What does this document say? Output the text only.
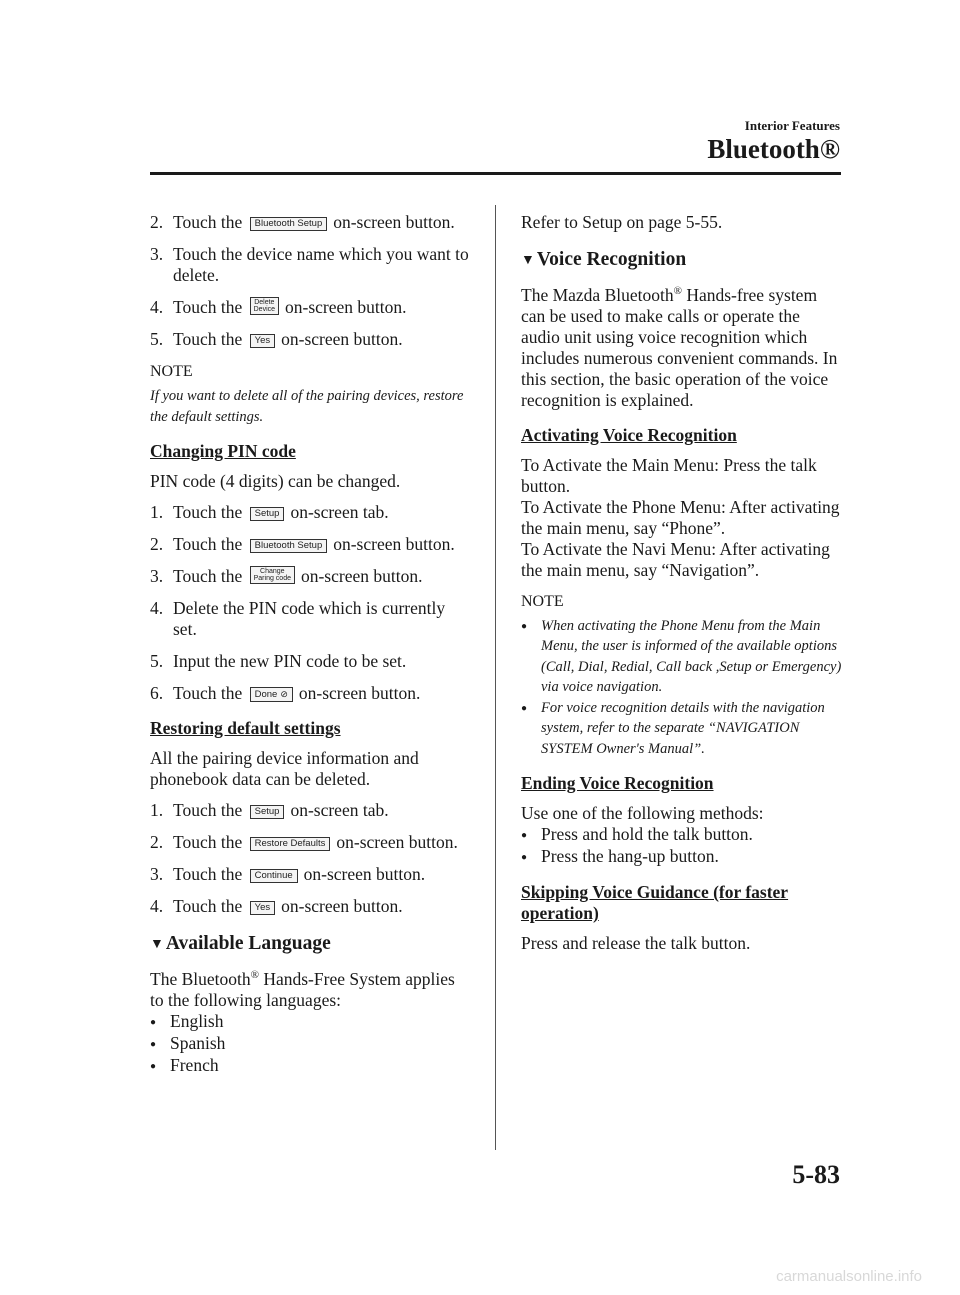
Interior Features
Bluetooth®
2. Touch the Bluetooth Setup on-screen button.
3. Touch the device name which you want to delete.
4. Touch the Delete
Device on-screen button.
5. Touch the Yes on-screen button.
NOTE
If you want to delete all of the pairing devices, restore the default settings.
Changing PIN code
PIN code (4 digits) can be changed.
1. Touch the Setup on-screen tab.
2. Touch the Bluetooth Setup on-screen button.
3. Touch the	Change
Paring code on-screen button.
4. Delete the PIN code which is currently set.
5. Input the new PIN code to be set.
6. Touch the Done ⊘ on-screen button.
Restoring default settings
All the pairing device information and phonebook data can be deleted.
1. Touch the Setup on-screen tab.
2. Touch the Restore Defaults on-screen button.
3. Touch the Continue on-screen button.
4. Touch the Yes on-screen button.
▼ Available Language
The Bluetooth® Hands-Free System applies to the following languages:
● English
● Spanish
● French
Refer to Setup on page 5-55.
▼ Voice Recognition
The Mazda Bluetooth® Hands-free system can be used to make calls or operate the audio unit using voice recognition which includes numerous convenient commands. In this section, the basic operation of the voice recognition is explained.
Activating Voice Recognition
To Activate the Main Menu: Press the talk button.
To Activate the Phone Menu: After activating the main menu, say “Phone”.
To Activate the Navi Menu: After activating the main menu, say “Navigation”.
NOTE
● When activating the Phone Menu from the Main Menu, the user is informed of the available options (Call, Dial, Redial, Call back ,Setup or Emergency) via voice navigation.
● For voice recognition details with the navigation system, refer to the separate “NAVIGATION SYSTEM Owner's Manual”.
Ending Voice Recognition
Use one of the following methods:
● Press and hold the talk button.
● Press the hang-up button.
Skipping Voice Guidance (for faster operation)
Press and release the talk button.
5-83
carmanualsonline.info
